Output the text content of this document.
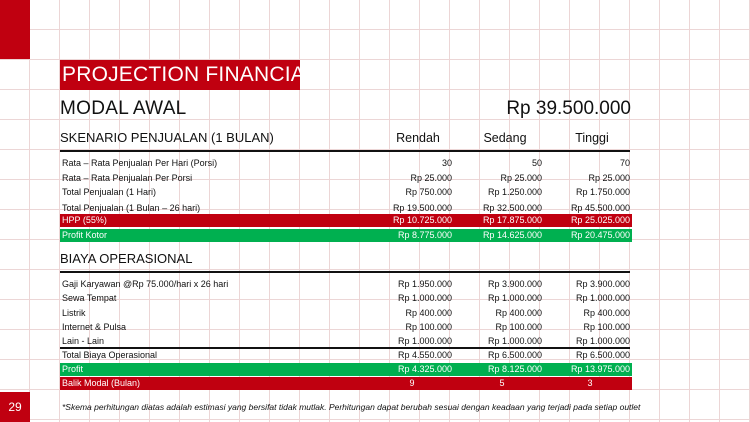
PROJECTION FINANCIAL
MODAL AWAL	Rp 39.500.000
SKENARIO PENJUALAN (1 BULAN)	Rendah	Sedang	Tinggi
Rata – Rata Penjualan Per Hari (Porsi)	30	50	70
Rata – Rata Penjualan Per Porsi	Rp 25.000	Rp 25.000	Rp 25.000
Total Penjualan (1 Hari)	Rp 750.000	Rp 1.250.000	Rp 1.750.000
Total Penjualan (1 Bulan – 26 hari)	Rp 19.500.000	Rp 32.500.000	Rp 45.500.000
HPP (55%)	Rp 10.725.000	Rp 17.875.000	Rp 25.025.000
Profit Kotor	Rp 8.775.000	Rp 14.625.000	Rp 20.475.000
BIAYA OPERASIONAL
Gaji Karyawan @Rp 75.000/hari x 26 hari	Rp 1.950.000	Rp 3.900.000	Rp 3.900.000
Sewa Tempat	Rp 1.000.000	Rp 1.000.000	Rp 1.000.000
Listrik	Rp 400.000	Rp 400.000	Rp 400.000
Internet & Pulsa	Rp 100.000	Rp 100.000	Rp 100.000
Lain - Lain	Rp 1.000.000	Rp 1.000.000	Rp 1.000.000
Total Biaya Operasional	Rp 4.550.000	Rp 6.500.000	Rp 6.500.000
Profit	Rp 4.325.000	Rp 8.125.000	Rp 13.975.000
Balik Modal (Bulan)	9	5	3
29	*Skema perhitungan diatas adalah estimasi yang bersifat tidak mutlak. Perhitungan dapat berubah sesuai dengan keadaan yang terjadi pada setiap outlet
